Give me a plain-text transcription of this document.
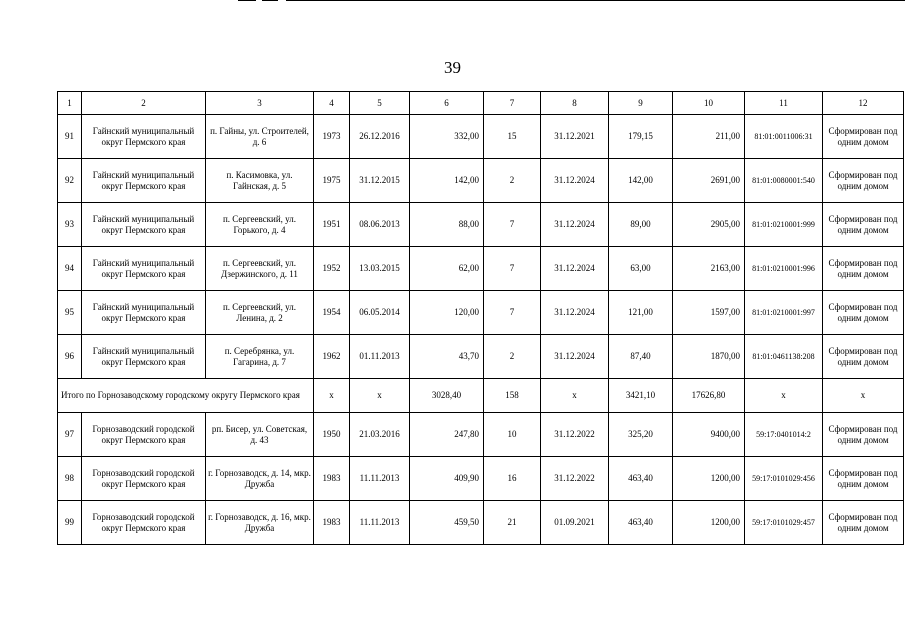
39
1	2	3	4	5	6	7	8	9	10	11	12
91	Гайнский муниципальный округ Пермского края	п. Гайны, ул. Строителей, д. 6	1973	26.12.2016	332,00	15	31.12.2021	179,15	211,00	81:01:0011006:31	Сформирован под одним домом
92	Гайнский муниципальный округ Пермского края	п. Касимовка, ул. Гайнская, д. 5	1975	31.12.2015	142,00	2	31.12.2024	142,00	2691,00	81:01:0080001:540	Сформирован под одним домом
93	Гайнский муниципальный округ Пермского края	п. Сергеевский, ул. Горького, д. 4	1951	08.06.2013	88,00	7	31.12.2024	89,00	2905,00	81:01:0210001:999	Сформирован под одним домом
94	Гайнский муниципальный округ Пермского края	п. Сергеевский, ул. Дзержинского, д. 11	1952	13.03.2015	62,00	7	31.12.2024	63,00	2163,00	81:01:0210001:996	Сформирован под одним домом
95	Гайнский муниципальный округ Пермского края	п. Сергеевский, ул. Ленина, д. 2	1954	06.05.2014	120,00	7	31.12.2024	121,00	1597,00	81:01:0210001:997	Сформирован под одним домом
96	Гайнский муниципальный округ Пермского края	п. Серебрянка, ул. Гагарина, д. 7	1962	01.11.2013	43,70	2	31.12.2024	87,40	1870,00	81:01:0461138:208	Сформирован под одним домом
Итого по Горнозаводскому городскому округу Пермского края			x	x	3028,40	158	x	3421,10	17626,80	x	x
97	Горнозаводский городской округ Пермского края	рп. Бисер, ул. Советская, д. 43	1950	21.03.2016	247,80	10	31.12.2022	325,20	9400,00	59:17:0401014:2	Сформирован под одним домом
98	Горнозаводский городской округ Пермского края	г. Горнозаводск, д. 14, мкр. Дружба	1983	11.11.2013	409,90	16	31.12.2022	463,40	1200,00	59:17:0101029:456	Сформирован под одним домом
99	Горнозаводский городской округ Пермского края	г. Горнозаводск, д. 16, мкр. Дружба	1983	11.11.2013	459,50	21	01.09.2021	463,40	1200,00	59:17:0101029:457	Сформирован под одним домом
